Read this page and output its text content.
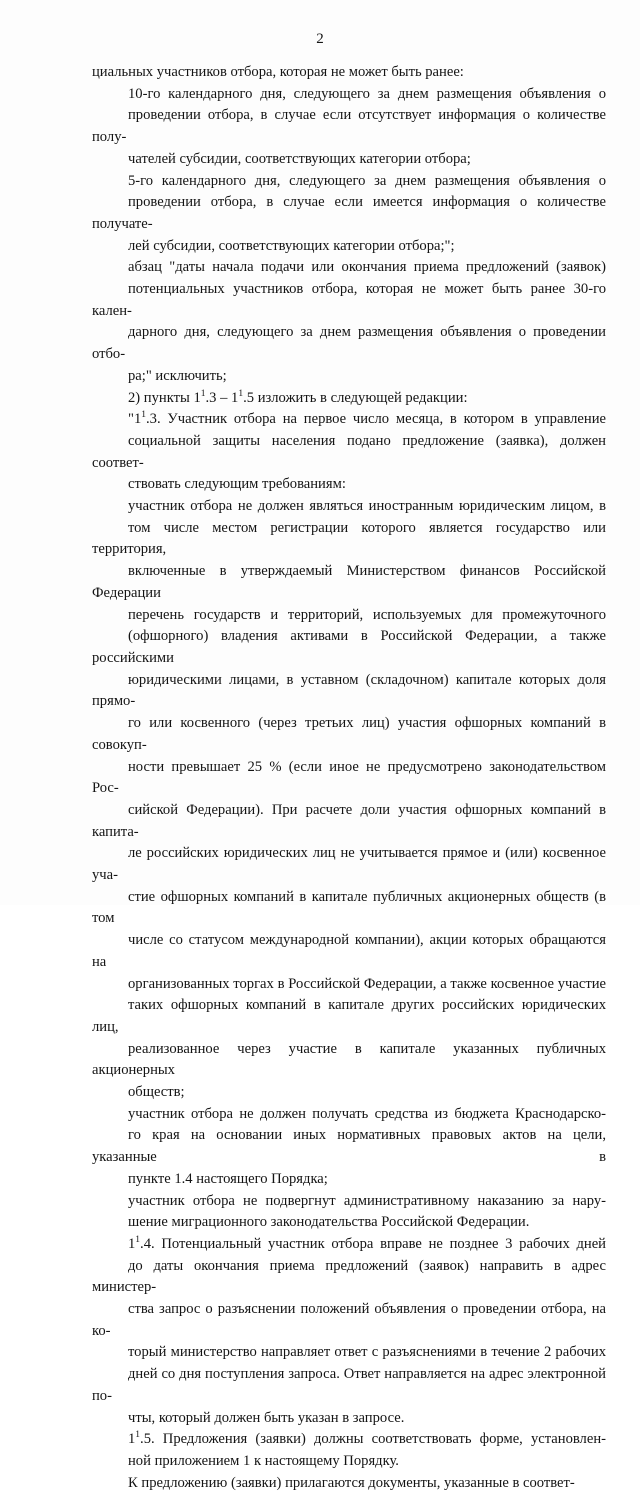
2

циальных участников отбора, которая не может быть ранее:

10-го календарного дня, следующего за днем размещения объявления о
проведении отбора, в случае если отсутствует информация о количестве полу-
чателей субсидии, соответствующих категории отбора;

5-го календарного дня, следующего за днем размещения объявления о
проведении отбора, в случае если имеется информация о количестве получате-
лей субсидии, соответствующих категории отбора;";

абзац "даты начала подачи или окончания приема предложений (заявок)
потенциальных участников отбора, которая не может быть ранее 30-го кален-
дарного дня, следующего за днем размещения объявления о проведении отбо-
ра;" исключить;

2) пункты $1^1.3 - 1^1.5$ изложить в следующей редакции:

"$1^1.3$. Участник отбора на первое число месяца, в котором в управление
социальной защиты населения подано предложение (заявка), должен соответ-
ствовать следующим требованиям:

участник отбора не должен являться иностранным юридическим лицом, в
том числе местом регистрации которого является государство или территория,
включенные в утверждаемый Министерством финансов Российской Федерации
перечень государств и территорий, используемых для промежуточного
(офшорного) владения активами в Российской Федерации, а также российскими
юридическими лицами, в уставном (складочном) капитале которых доля прямо-
го или косвенного (через третьих лиц) участия офшорных компаний в совокуп-
ности превышает 25 % (если иное не предусмотрено законодательством Рос-
сийской Федерации). При расчете доли участия офшорных компаний в капита-
ле российских юридических лиц не учитывается прямое и (или) косвенное уча-
стие офшорных компаний в капитале публичных акционерных обществ (в том
числе со статусом международной компании), акции которых обращаются на
организованных торгах в Российской Федерации, а также косвенное участие
таких офшорных компаний в капитале других российских юридических лиц,
реализованное через участие в капитале указанных публичных акционерных
обществ;

участник отбора не должен получать средства из бюджета Краснодарско-
го края на основании иных нормативных правовых актов на цели, указанные в
пункте 1.4 настоящего Порядка;

участник отбора не подвергнут административному наказанию за нару-
шение миграционного законодательства Российской Федерации.

$1^1.4$. Потенциальный участник отбора вправе не позднее 3 рабочих дней
до даты окончания приема предложений (заявок) направить в адрес министер-
ства запрос о разъяснении положений объявления о проведении отбора, на ко-
торый министерство направляет ответ с разъяснениями в течение 2 рабочих
дней со дня поступления запроса. Ответ направляется на адрес электронной по-
чты, который должен быть указан в запросе.

$1^1.5$. Предложения (заявки) должны соответствовать форме, установлен-
ной приложением 1 к настоящему Порядку.

К предложению (заявки) прилагаются документы, указанные в соответ-
